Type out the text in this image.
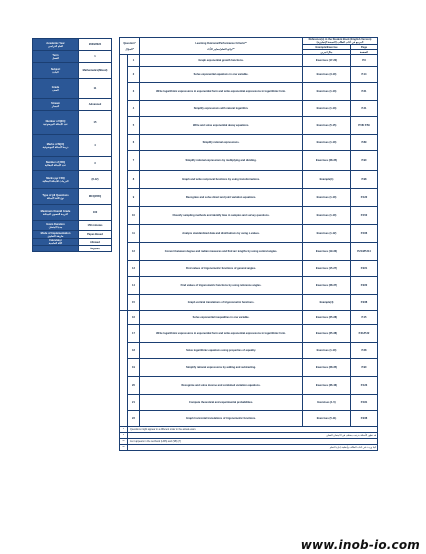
Academic Year
العام الدراسي	2023/2024
Term
الفصل	1
Subject
المادة	Mathematics(Mixed)
Grade
الصف	11
Stream
المسار	Advanced
Number of MCQ
عدد الأسئلة الموضوعية	15
Marks of MCQ
درجة الأسئلة الموضوعية	4
Number of FRQ
عدد الأسئلة المقالية	3
Marks per FRQ
الدرجات للأسئلة المقالية	(8-12)
Type of All Questions
نوع كافة الأسئلة	MCQ/FRQ
Maximum Overall Grade
الدرجة القصوى الممكنة	100
Exam Duration
مدة الامتحان	150 minutes
Mode of Implementation
طريقة التطبيق	Paper-Based
Calculator
الآلة الحاسبة	Allowed

	مسموحة
Question*

السؤال*		Learning Outcome/Performance Criteria**

نواتج التعلم/معايير الأداء**	Reference(s) in the Student Book (English Version)
المرجع في كتاب الطالب (النسخة الإنجليزية)	
			Example/Exercise	Page
			مثال/تمرين	الصفحة
	1	Graph exponential growth functions.	Exercises (17-20)	P.6
	2	Solve exponential equations in one variable.	Exercises (3-10)	P.14
	3	Write logarithmic expressions in exponential form and write exponential expressions in logarithmic form.	Exercises (1-13)	P.21
	4	Simplify expressions with natural logarithm.	Exercises (1-13)	P.41
	5	Write and solve exponential decay equations.	Exercises (5-15)	P.58/ P.59
	6	Simplify rational expressions.	Exercises (1-10)	P.89
	7	Simplify rational expressions by multiplying and dividing.	Exercises (28-35)	P.90
	8	Graph and write reciprocal functions by using transformations.	Example(1)	P.98
	9	Recognize and solve direct and joint variation equations.	Exercises (1-10)	P.122
	10	Classify sampling methods and identify bias in samples and survey questions.	Exercises (1-10)	P.152
	11	Analyze standardized data and distributions by using z-values.	Exercises (1-12)	P.166
	12	Convert between degree and radian measures and find arc lengths by using central angles.	Exercises (19-33)	P.213/P.214
	13	Find values of trigonometric functions of general angles.	Exercises (15-27)	P.221
	14	Find values of trigonometric functions by using reference angles.	Exercises (28-37)	P.222
	15	Graph vertical translations of trigonometric functions.	Example(4)	P.238
	16	Solve exponential inequalities in one variable.	Exercises (25-28)	P.15
	17	Write logarithmic expressions in exponential form and write exponential expressions in logarithmic form.	Exercises (25-38)	P.21/P.22
	18	Solve logarithmic equations using properties of equality.	Exercises (1-10)	P.28
	19	Simplify rational expressions by adding and subtracting.	Exercises (28-35)	P.90
	20	Recognize and solve inverse and combined variation equations.	Exercises (36-46)	P.123
	21	Compute theoretical and experimental probabilities.	Exercises (1-5)	P.181
	22	Graph horizontal translations of trigonometric functions.	Exercises (5-11)	P.238
*	Questions might appear in a different order in the actual exam.			
*	قد تظهر الأسئلة بترتيب مختلف في الامتحان الفعلي			
**	As it appears in the textbook (LMS) and (SB) (?)			
**	كما وردت في كتاب الطالب وأنظمة إدارة التعلم			
www.inob-io.com
